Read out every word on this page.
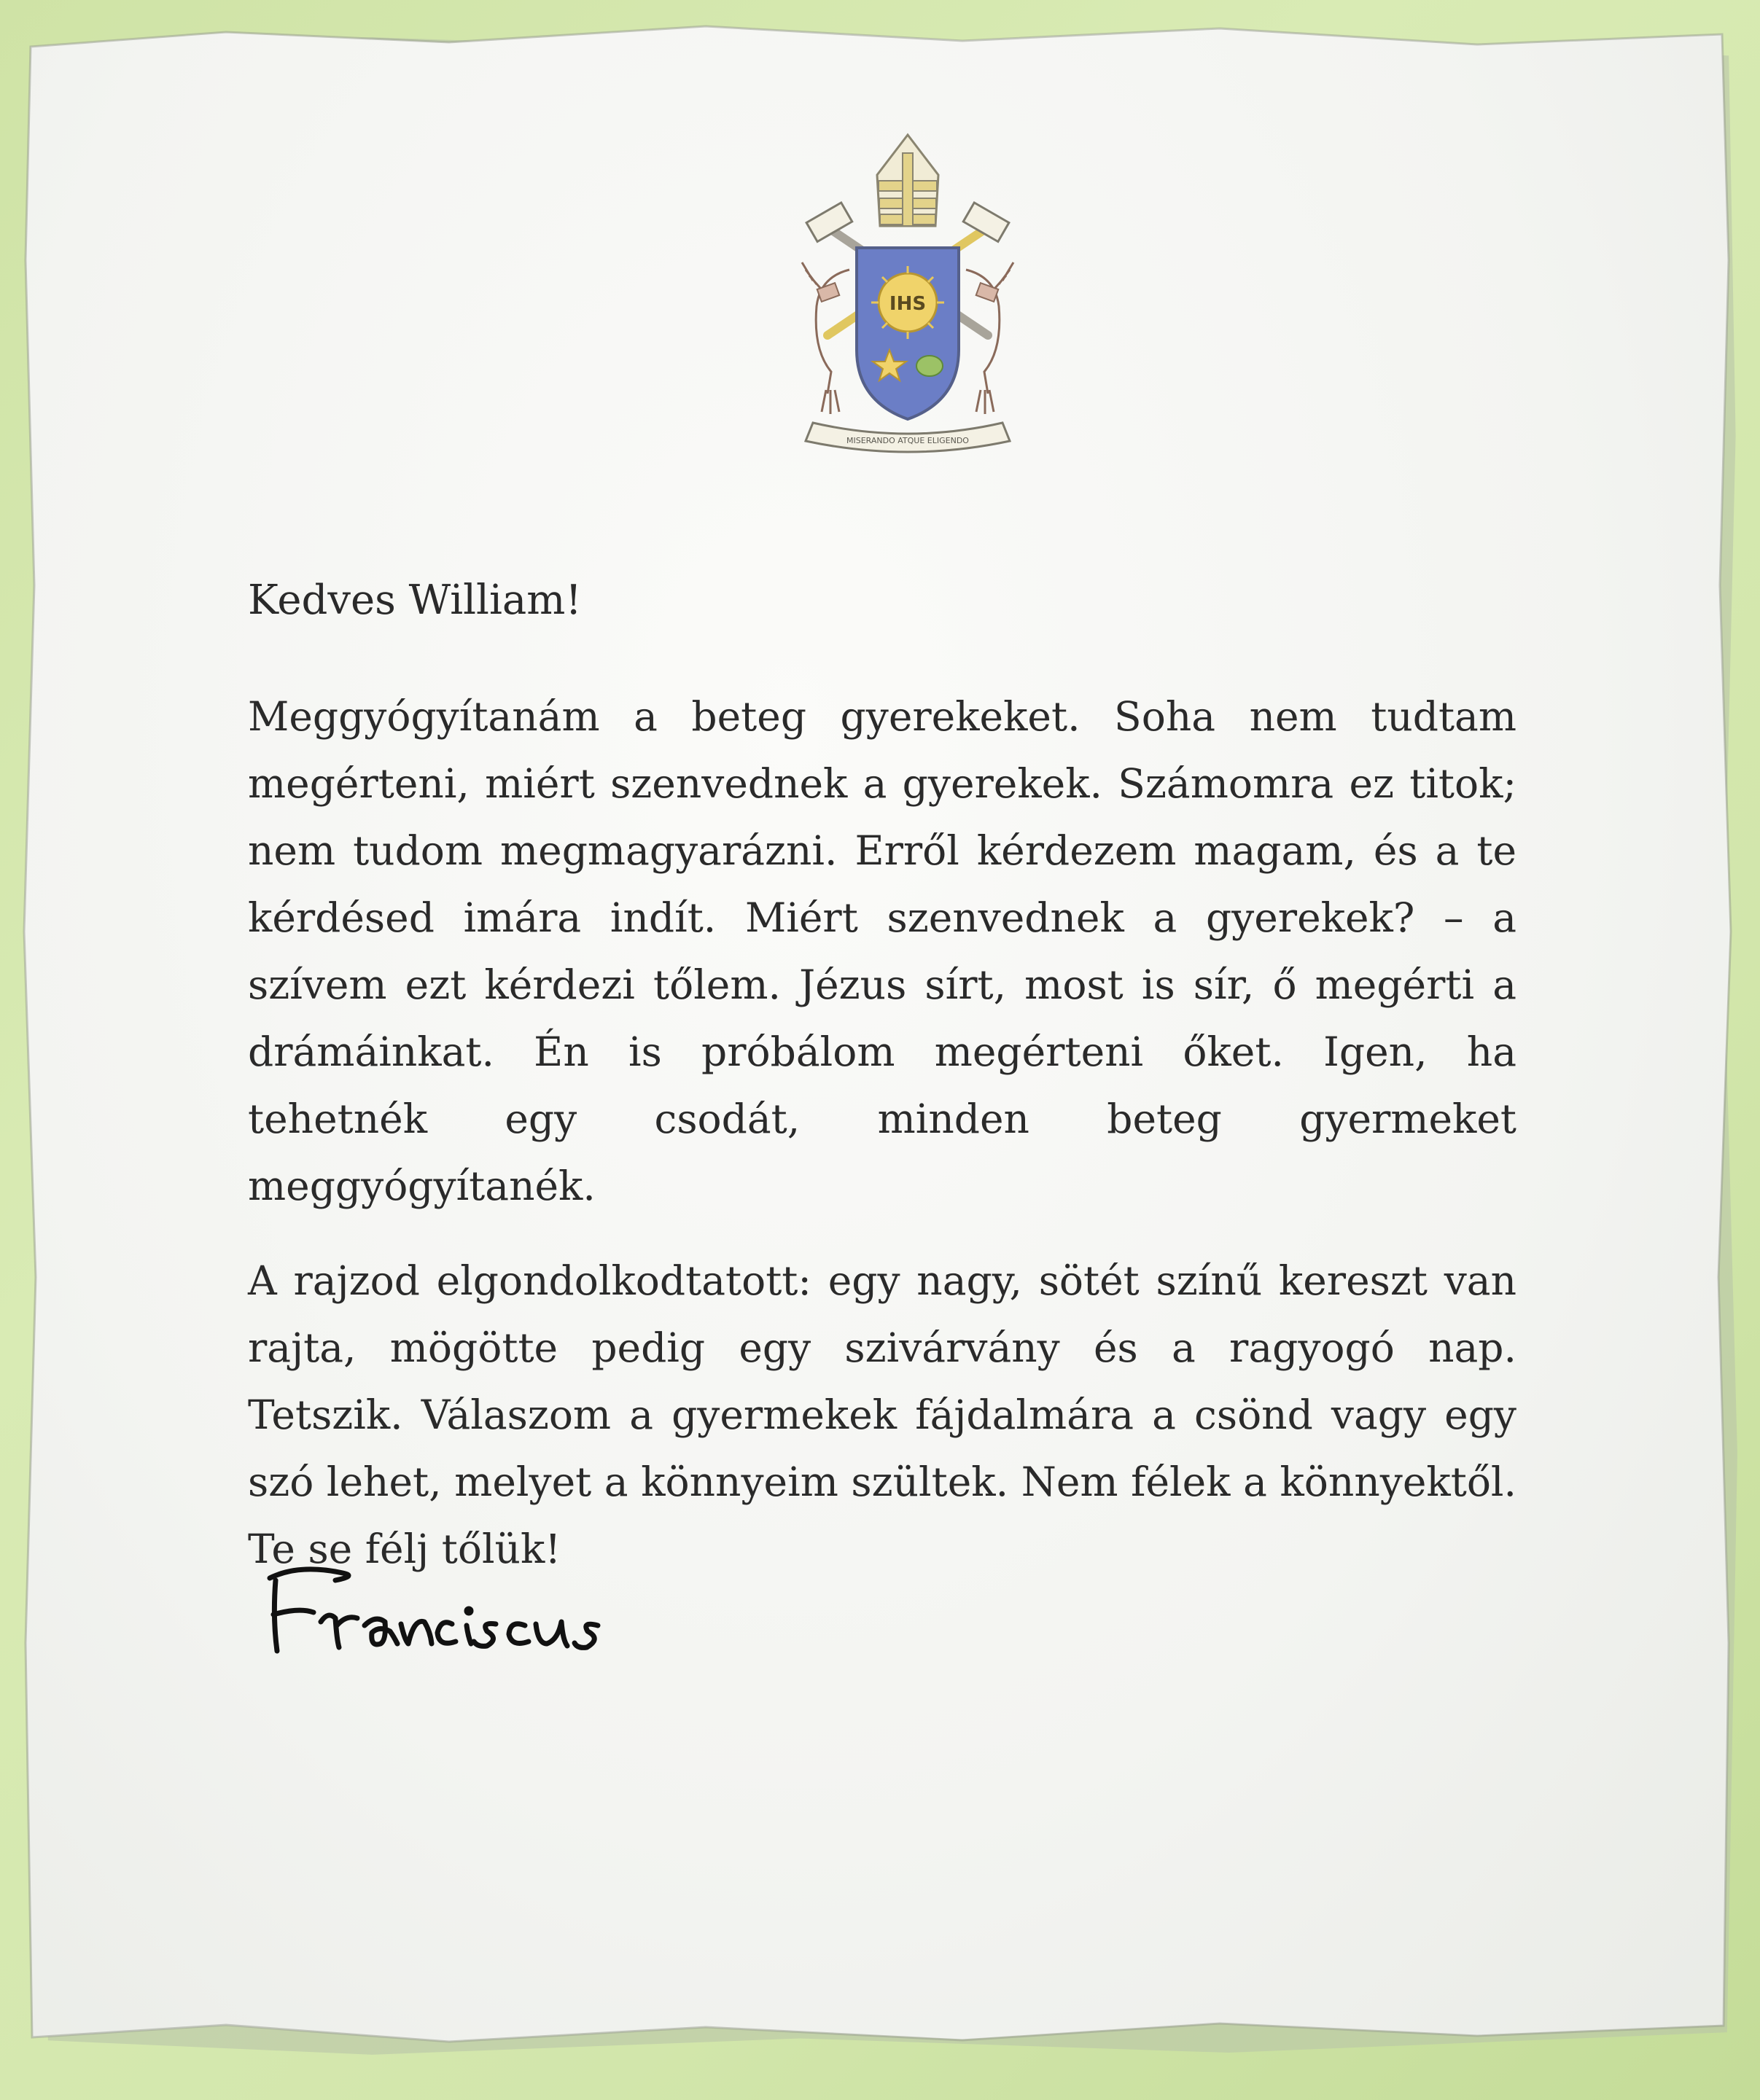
IHS
MISERANDO ATQUE ELIGENDO

Kedves William!

Meggyógyítanám a beteg gyerekeket. Soha nem tudtam megérteni, miért szenvednek a gyerekek. Számomra ez titok; nem tudom megmagyarázni. Erről kérdezem magam, és a te kérdésed imára indít. Miért szenvednek a gyerekek? – a szívem ezt kérdezi tőlem. Jézus sírt, most is sír, ő megérti a drámáinkat. Én is próbálom megérteni őket. Igen, ha tehetnék egy csodát, minden beteg gyermeket meggyógyítanék.

A rajzod elgondolkodtatott: egy nagy, sötét színű kereszt van rajta, mögötte pedig egy szivárvány és a ragyogó nap. Tetszik. Válaszom a gyermekek fájdalmára a csönd vagy egy szó lehet, melyet a könnyeim szültek. Nem félek a könnyektől. Te se félj tőlük!
